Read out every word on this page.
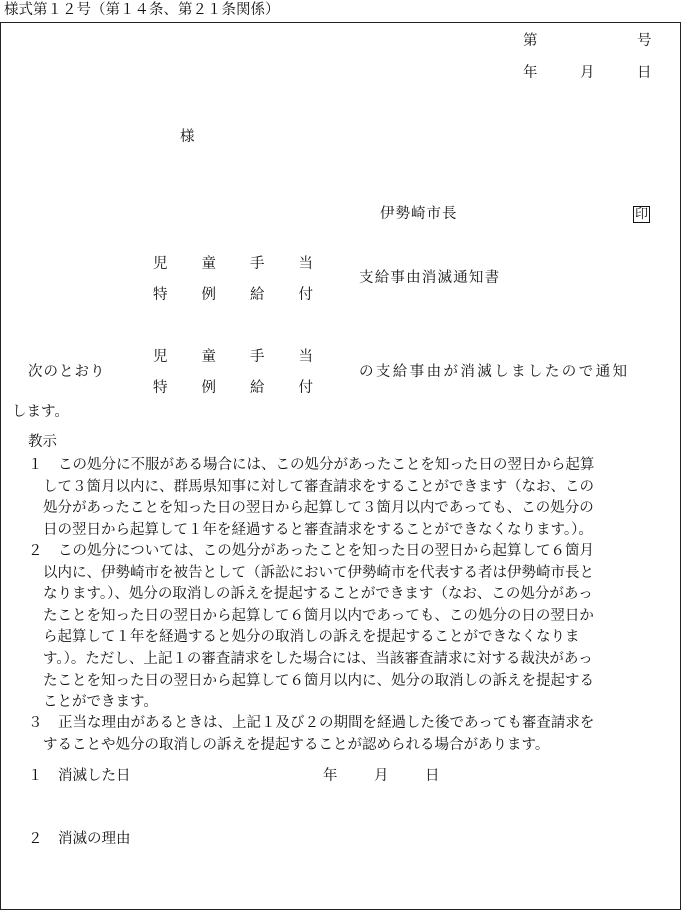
様式第１２号（第１４条、第２１条関係）
第	号
年	月	日
様
伊勢崎市長	印
児 童 手 当
特 例 給 付
支給事由消滅通知書
次のとおり
児 童 手 当
特 例 給 付
の支給事由が消滅しましたので通知
します。
教示
１	この処分に不服がある場合には、この処分があったことを知った日の翌日から起算
して３箇月以内に、群馬県知事に対して審査請求をすることができます（なお、この
処分があったことを知った日の翌日から起算して３箇月以内であっても、この処分の
日の翌日から起算して１年を経過すると審査請求をすることができなくなります。）。
２	この処分については、この処分があったことを知った日の翌日から起算して６箇月
以内に、伊勢崎市を被告として（訴訟において伊勢崎市を代表する者は伊勢崎市長と
なります。）、処分の取消しの訴えを提起することができます（なお、この処分があっ
たことを知った日の翌日から起算して６箇月以内であっても、この処分の日の翌日か
ら起算して１年を経過すると処分の取消しの訴えを提起することができなくなりま
す。）。ただし、上記１の審査請求をした場合には、当該審査請求に対する裁決があっ
たことを知った日の翌日から起算して６箇月以内に、処分の取消しの訴えを提起する
ことができます。
３	正当な理由があるときは、上記１及び２の期間を経過した後であっても審査請求を
することや処分の取消しの訴えを提起することが認められる場合があります。
１ 消滅した日	年	月	日
２ 消滅の理由
